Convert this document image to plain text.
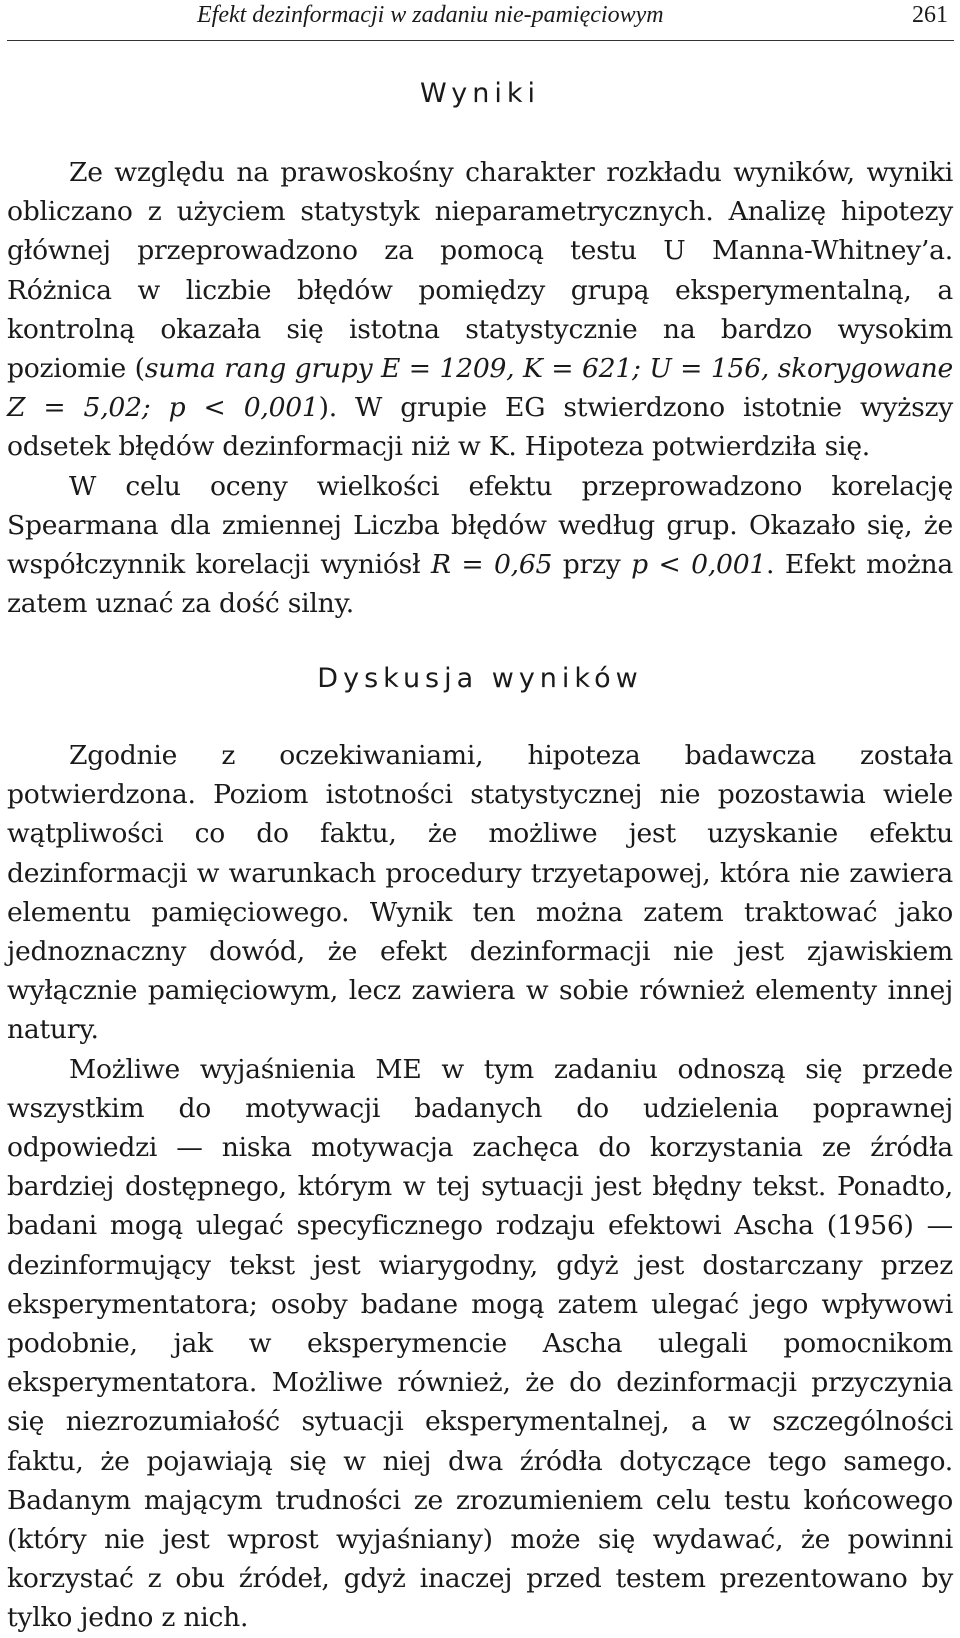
Efekt dezinformacji w zadaniu nie-pamięciowym	261
Wyniki

Ze względu na prawoskośny charakter rozkładu wyników, wyniki obliczano z użyciem statystyk nieparametrycznych. Analizę hipotezy głównej przeprowadzono za pomocą testu U Manna-Whitney’a. Różnica w liczbie błędów pomiędzy grupą eksperymentalną, a kontrolną okazała się istotna statystycznie na bardzo wysokim poziomie (suma rang grupy E = 1209, K = 621; U = 156, skorygowane Z = 5,02; p < 0,001). W grupie EG stwierdzono istotnie wyższy odsetek błędów dezinformacji niż w K. Hipoteza potwierdziła się.

W celu oceny wielkości efektu przeprowadzono korelację Spearmana dla zmiennej Liczba błędów według grup. Okazało się, że współczynnik korelacji wyniósł R = 0,65 przy p < 0,001. Efekt można zatem uznać za dość silny.

Dyskusja wyników

Zgodnie z oczekiwaniami, hipoteza badawcza została potwierdzona. Poziom istotności statystycznej nie pozostawia wiele wątpliwości co do faktu, że możliwe jest uzyskanie efektu dezinformacji w warunkach procedury trzyetapowej, która nie zawiera elementu pamięciowego. Wynik ten można zatem traktować jako jednoznaczny dowód, że efekt dezinformacji nie jest zjawiskiem wyłącznie pamięciowym, lecz zawiera w sobie również elementy innej natury.

Możliwe wyjaśnienia ME w tym zadaniu odnoszą się przede wszystkim do motywacji badanych do udzielenia poprawnej odpowiedzi — niska motywacja zachęca do korzystania ze źródła bardziej dostępnego, którym w tej sytuacji jest błędny tekst. Ponadto, badani mogą ulegać specyficznego rodzaju efektowi Ascha (1956) — dezinformujący tekst jest wiarygodny, gdyż jest dostarczany przez eksperymentatora; osoby badane mogą zatem ulegać jego wpływowi podobnie, jak w eksperymencie Ascha ulegali pomocnikom eksperymentatora. Możliwe również, że do dezinformacji przyczynia się niezrozumiałość sytuacji eksperymentalnej, a w szczególności faktu, że pojawiają się w niej dwa źródła dotyczące tego samego. Badanym mającym trudności ze zrozumieniem celu testu końcowego (który nie jest wprost wyjaśniany) może się wydawać, że powinni korzystać z obu źródeł, gdyż inaczej przed testem prezentowano by tylko jedno z nich.
